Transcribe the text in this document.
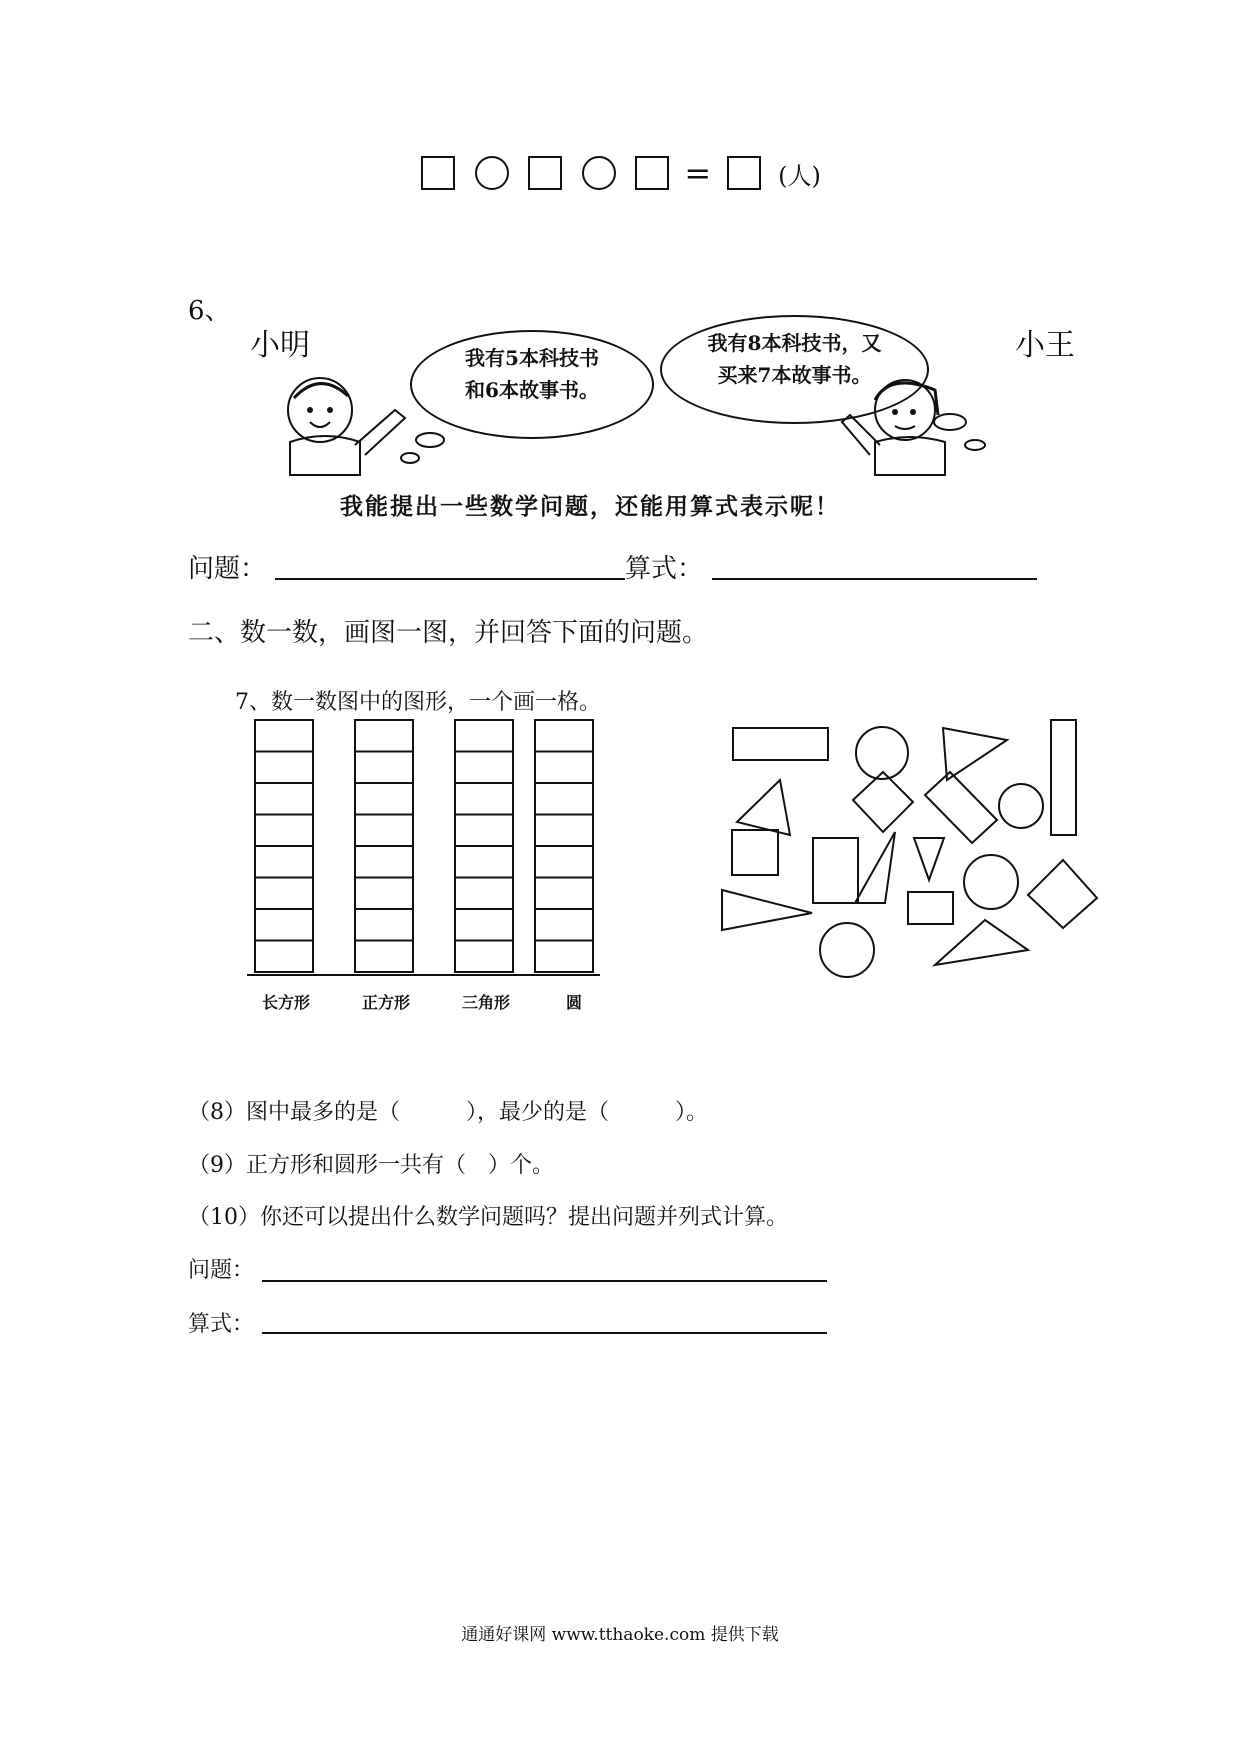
=	(人)
6、
小明	小王
我有5本科技书
和6本故事书。
我有8本科技书，又
买来7本故事书。
我能提出一些数学问题，还能用算式表示呢！
问题：	算式：
二、数一数，画图一图，并回答下面的问题。
7、数一数图中的图形，一个画一格。
长方形	正方形	三角形	圆
（8）图中最多的是（　　　），最少的是（　　　）。
（9）正方形和圆形一共有（　）个。
（10）你还可以提出什么数学问题吗？提出问题并列式计算。
问题：
算式：
通通好课网 www.tthaoke.com 提供下载
